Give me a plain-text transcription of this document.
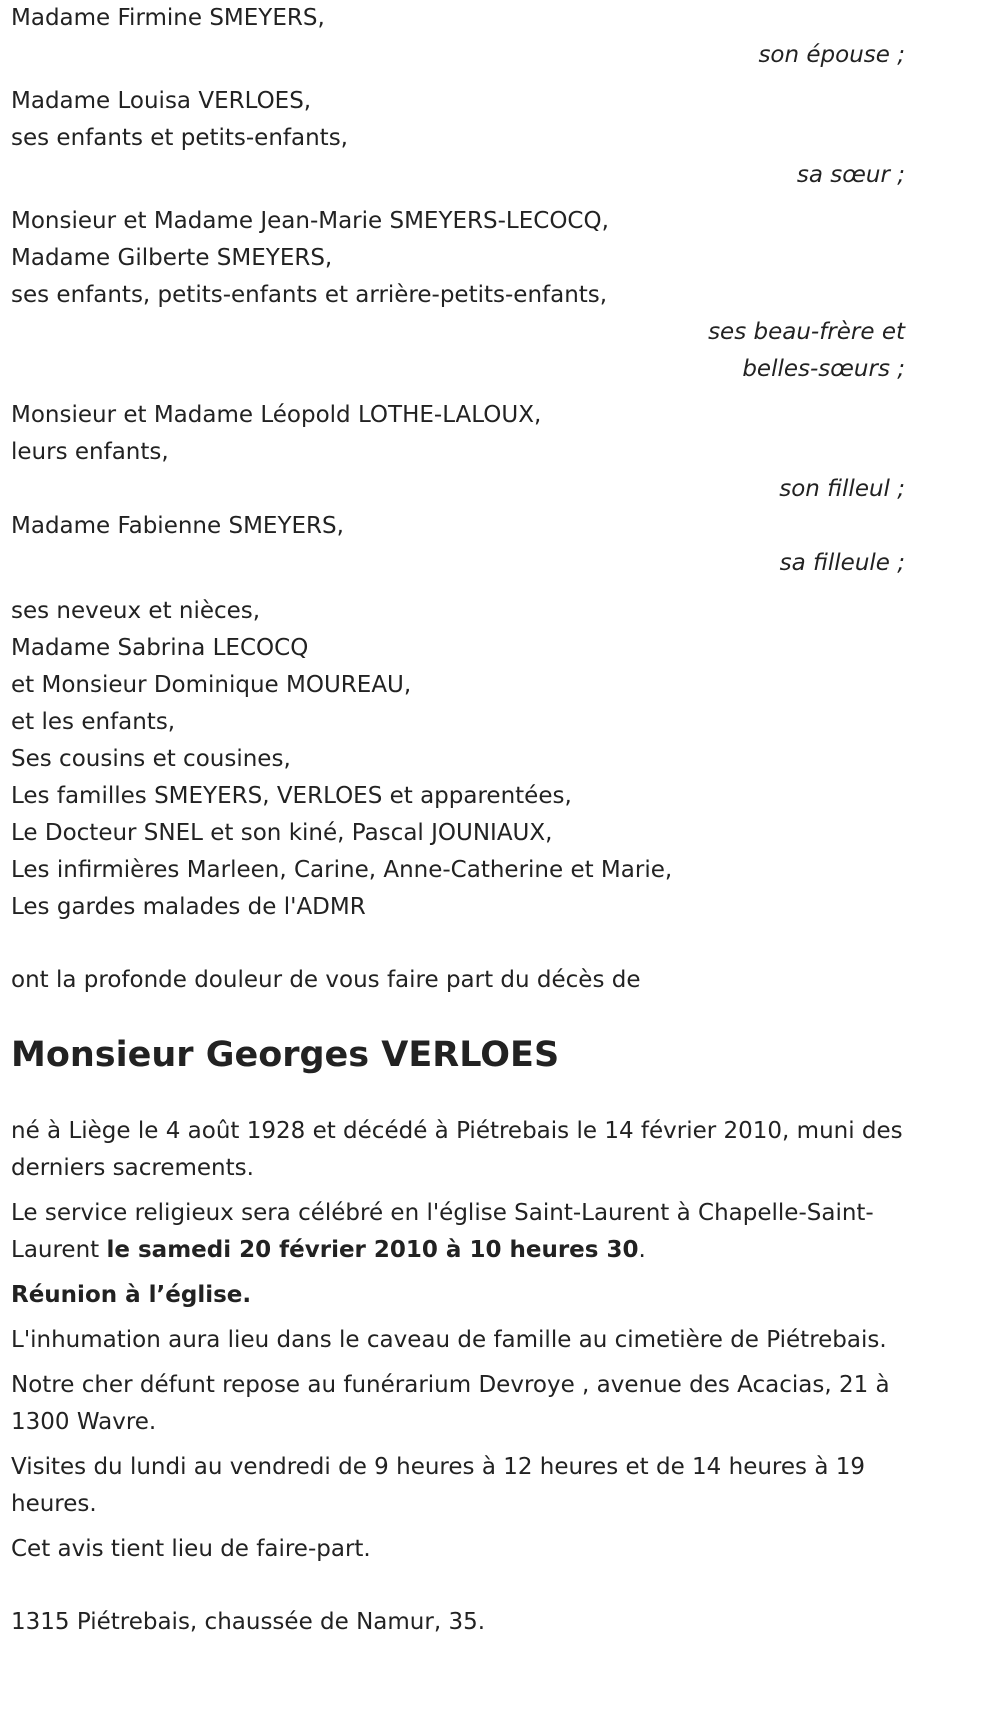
Madame Firmine SMEYERS,
son épouse ;
Madame Louisa VERLOES,
ses enfants et petits-enfants,
sa sœur ;
Monsieur et Madame Jean-Marie SMEYERS-LECOCQ,
Madame Gilberte SMEYERS,
ses enfants, petits-enfants et arrière-petits-enfants,
ses beau-frère et
belles-sœurs ;
Monsieur et Madame Léopold LOTHE-LALOUX,
leurs enfants,
son filleul ;
Madame Fabienne SMEYERS,
sa filleule ;
ses neveux et nièces,
Madame Sabrina LECOCQ
et Monsieur Dominique MOUREAU,
et les enfants,
Ses cousins et cousines,
Les familles SMEYERS, VERLOES et apparentées,
Le Docteur SNEL et son kiné, Pascal JOUNIAUX,
Les infirmières Marleen, Carine, Anne-Catherine et Marie,
Les gardes malades de l'ADMR

ont la profonde douleur de vous faire part du décès de

Monsieur Georges VERLOES

né à Liège le 4 août 1928 et décédé à Piétrebais le 14 février 2010, muni des derniers sacrements.

Le service religieux sera célébré en l'église Saint-Laurent à Chapelle-Saint-Laurent le samedi 20 février 2010 à 10 heures 30.

Réunion à l’église.

L'inhumation aura lieu dans le caveau de famille au cimetière de Piétrebais.

Notre cher défunt repose au funérarium Devroye , avenue des Acacias, 21 à 1300 Wavre.

Visites du lundi au vendredi de 9 heures à 12 heures et de 14 heures à 19 heures.

Cet avis tient lieu de faire-part.

1315 Piétrebais, chaussée de Namur, 35.
